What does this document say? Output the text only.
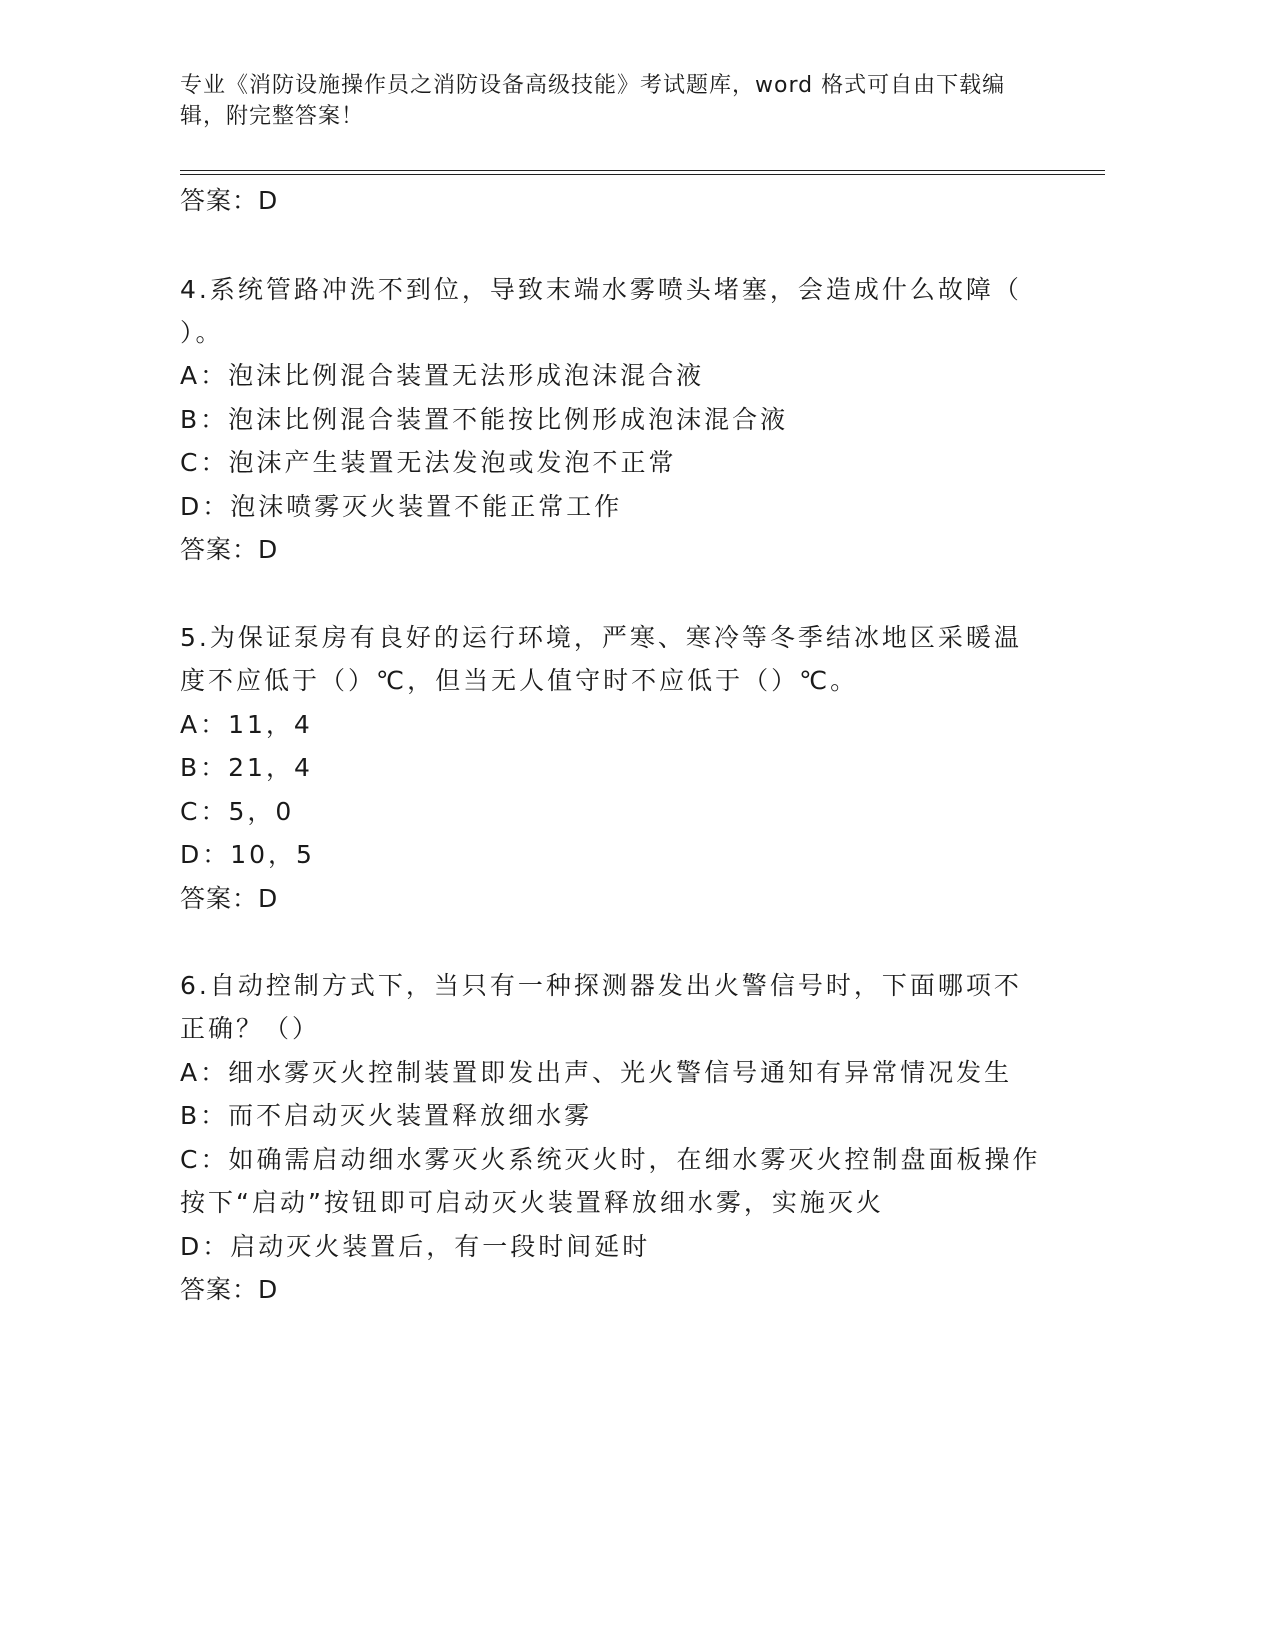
专业《消防设施操作员之消防设备高级技能》考试题库，word 格式可自由下载编
辑，附完整答案！
答案：D
4.系统管路冲洗不到位，导致末端水雾喷头堵塞，会造成什么故障（
）。
A：泡沫比例混合装置无法形成泡沫混合液
B：泡沫比例混合装置不能按比例形成泡沫混合液
C：泡沫产生装置无法发泡或发泡不正常
D：泡沫喷雾灭火装置不能正常工作
答案：D
5.为保证泵房有良好的运行环境，严寒、寒冷等冬季结冰地区采暖温
度不应低于（）℃，但当无人值守时不应低于（）℃。
A：11，4
B：21，4
C：5，0
D：10，5
答案：D
6.自动控制方式下，当只有一种探测器发出火警信号时，下面哪项不
正确？（）
A：细水雾灭火控制装置即发出声、光火警信号通知有异常情况发生
B：而不启动灭火装置释放细水雾
C：如确需启动细水雾灭火系统灭火时，在细水雾灭火控制盘面板操作
按下“启动”按钮即可启动灭火装置释放细水雾，实施灭火
D：启动灭火装置后，有一段时间延时
答案：D
